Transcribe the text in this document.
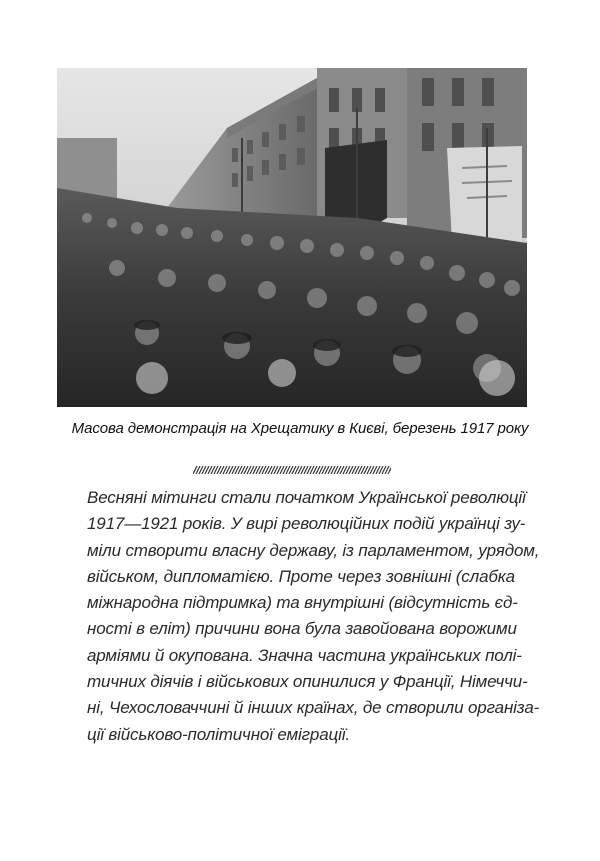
Масова демонстрація на Хрещатику в Києві, березень 1917 року
Весняні мітинги стали початком Української революції
1917—1921 років. У вирі революційних подій українці зу-
міли створити власну державу, із парламентом, урядом,
військом, дипломатією. Проте через зовнішні (слабка
міжнародна підтримка) та внутрішні (відсутність єд-
ності в еліт) причини вона була завойована ворожими
арміями й окупована. Значна частина українських полі-
тичних діячів і військових опинилися у Франції, Німеччи-
ні, Чехословаччині й інших країнах, де створили організа-
ції військово-політичної еміграції.
